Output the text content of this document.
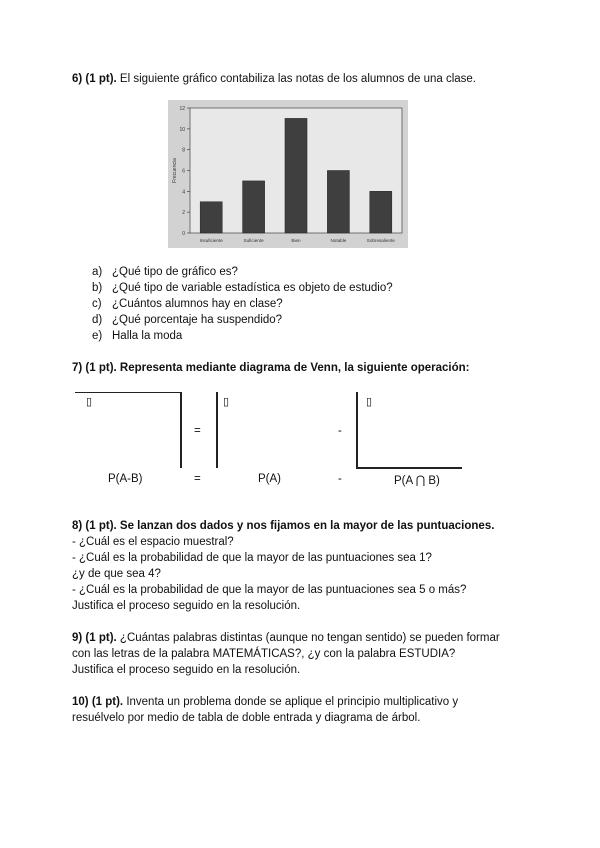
6) (1 pt). El siguiente gráfico contabiliza las notas de los alumnos de una clase.
0
2
4
6
8
10
12
Frecuencia
Insuficiente	Suficiente	Bien	Notable	Sobresaliente
a) ¿Qué tipo de gráfico es?
b) ¿Qué tipo de variable estadística es objeto de estudio?
c) ¿Cuántos alumnos hay en clase?
d) ¿Qué porcentaje ha suspendido?
e) Halla la moda
7) (1 pt). Representa mediante diagrama de Venn, la siguiente operación:
▯
=
▯
-
▯
P(A-B)	=	P(A)	-	P(A ⋂ B)
8) (1 pt). Se lanzan dos dados y nos fijamos en la mayor de las puntuaciones.
- ¿Cuál es el espacio muestral?
- ¿Cuál es la probabilidad de que la mayor de las puntuaciones sea 1?
¿y de que sea 4?
- ¿Cuál es la probabilidad de que la mayor de las puntuaciones sea 5 o más?
Justifica el proceso seguido en la resolución.
9) (1 pt). ¿Cuántas palabras distintas (aunque no tengan sentido) se pueden formar
con las letras de la palabra MATEMÁTICAS?, ¿y con la palabra ESTUDIA?
Justifica el proceso seguido en la resolución.
10) (1 pt). Inventa un problema donde se aplique el principio multiplicativo y
resuélvelo por medio de tabla de doble entrada y diagrama de árbol.
